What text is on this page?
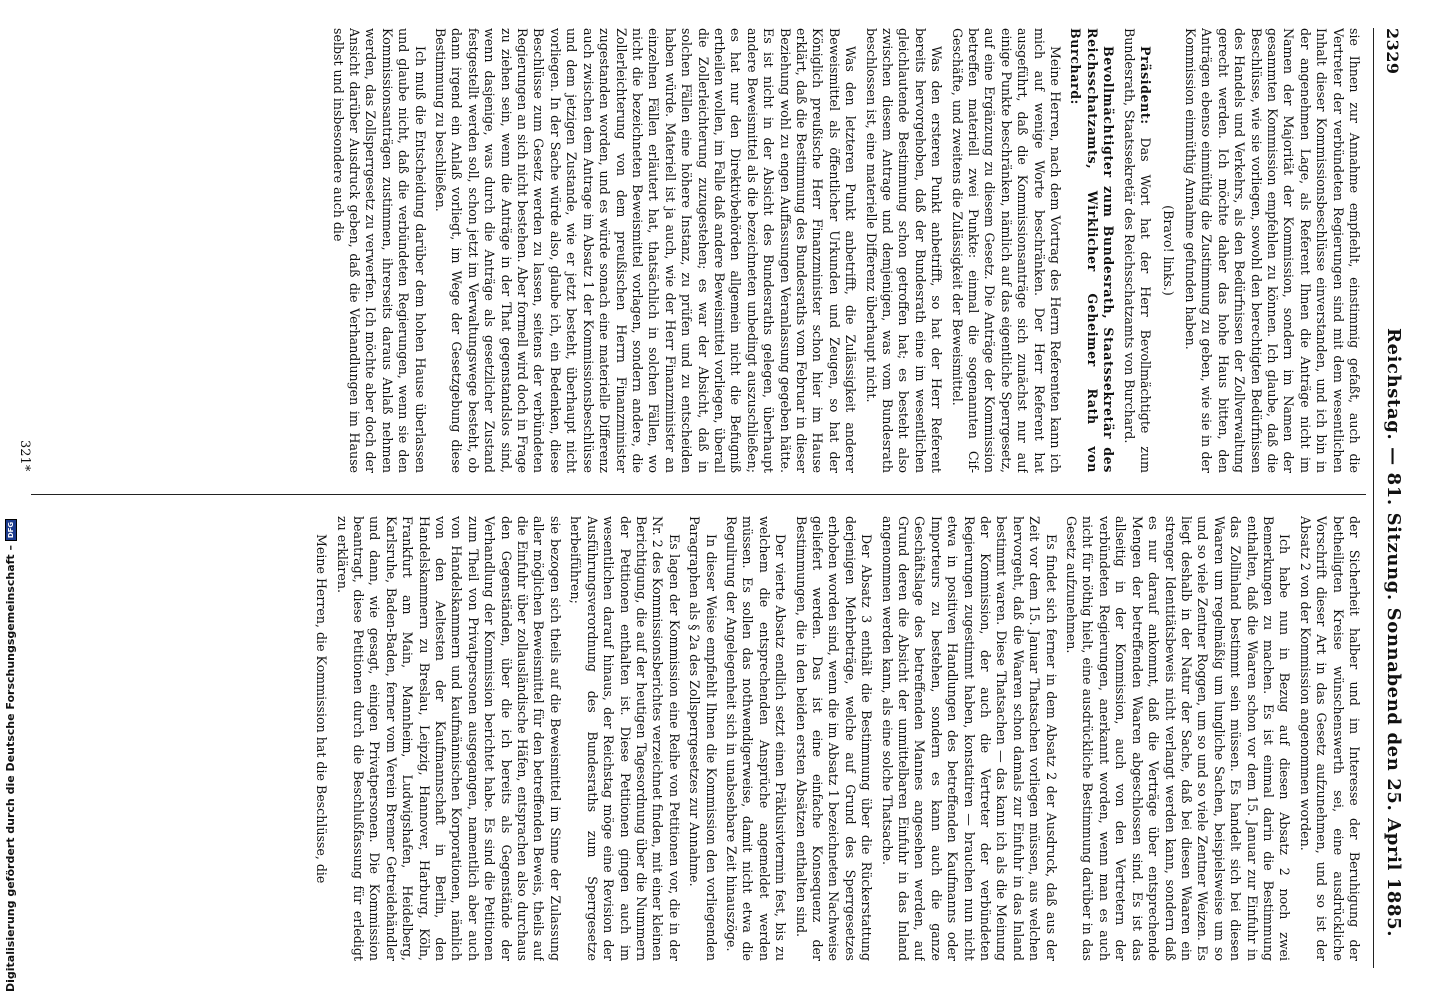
Reichstag. — 81. Sitzung. Sonnabend den 25. April 1885.
2329

sie Ihnen zur Annahme empfiehlt, einstimmig gefaßt, auch die Vertreter der verbündeten Regierungen sind mit dem wesentlichen Inhalt dieser Kommissionsbeschlüsse einverstanden, und ich bin in der angenehmen Lage, als Referent Ihnen die Anträge nicht im Namen der Majorität der Kommission, sondern im Namen der gesammten Kommission empfehlen zu können. Ich glaube, daß die Beschlüsse, wie sie vorliegen, sowohl den berechtigten Bedürfnissen des Handels und Verkehrs, als den Bedürfnissen der Zollverwaltung gerecht werden. Ich möchte daher das hohe Haus bitten, den Anträgen ebenso einmüthig die Zustimmung zu geben, wie sie in der Kommission einmüthig Annahme gefunden haben.

(Bravo! links.)

Präsident: Das Wort hat der Herr Bevollmächtigte zum Bundesrath, Staatssekretär des Reichsschatzamts von Burchard.

Bevollmächtigter zum Bundesrath, Staatssekretär des Reichsschatzamts, Wirklicher Geheimer Rath von Burchard:

Meine Herren, nach dem Vortrag des Herrn Referenten kann ich mich auf wenige Worte beschränken. Der Herr Referent hat ausgeführt, daß die Kommissionsanträge sich zunächst nur auf einige Punkte beschränken, nämlich auf das eigentliche Sperrgesetz, auf eine Ergänzung zu diesem Gesetz. Die Anträge der Kommission betreffen materiell zwei Punkte: einmal die sogenannten Cif-Geschäfte, und zweitens die Zulässigkeit der Beweismittel.

Was den ersteren Punkt anbetrifft, so hat der Herr Referent bereits hervorgehoben, daß der Bundesrath eine im wesentlichen gleichlautende Bestimmung schon getroffen hat; es besteht also zwischen diesem Antrage und demjenigen, was vom Bundesrath beschlossen ist, eine materielle Differenz überhaupt nicht.

Was den letzteren Punkt anbetrifft, die Zulässigkeit anderer Beweismittel als öffentlicher Urkunden und Zeugen, so hat der Königlich preußische Herr Finanzminister schon hier im Hause erklärt, daß die Bestimmung des Bundesraths vom Februar in dieser Beziehung wohl zu engen Auffassungen Veranlassung gegeben hätte. Es ist nicht in der Absicht des Bundesraths gelegen, überhaupt andere Beweismittel als die bezeichneten unbedingt auszuschließen; es hat nur den Direktivbehörden allgemein nicht die Befugniß ertheilen wollen, im Falle daß andere Beweismittel vorliegen, überall die Zollerleichterung zuzugestehen; es war der Absicht, daß in solchen Fällen eine höhere Instanz, zu prüfen und zu entscheiden haben würde. Materiell ist ja auch, wie der Herr Finanzminister an einzelnen Fällen erläutert hat, thatsächlich in solchen Fällen, wo nicht die bezeichneten Beweismittel vorlagen, sondern andere, die Zollerleichterung von dem preußischen Herrn Finanzminister zugestanden worden, und es würde sonach eine materielle Differenz auch zwischen dem Antrage im Absatz 1 der Kommissionsbeschlüsse und dem jetzigen Zustande, wie er jetzt besteht, überhaupt nicht vorliegen. In der Sache würde also, glaube ich, ein Bedenken, diese Beschlüsse zum Gesetz werden zu lassen, seitens der verbündeten Regierungen an sich nicht bestehen. Aber formell wird doch in Frage zu ziehen sein, wenn die Anträge in der That gegenstandslos sind, wenn dasjenige, was durch die Anträge als gesetzlicher Zustand festgestellt werden soll, schon jetzt im Verwaltungswege besteht, ob dann irgend ein Anlaß vorliegt, im Wege der Gesetzgebung diese Bestimmung zu beschließen.

Ich muß die Entscheidung darüber dem hohen Hause überlassen und glaube nicht, daß die verbündeten Regierungen, wenn sie den Kommissionsanträgen zustimmen, ihrerseits daraus Anlaß nehmen werden, das Zollsperrgesetz zu verwerfen. Ich möchte aber doch der Ansicht darüber Ausdruck geben, daß die Verhandlungen im Hause selbst und insbesondere auch die

der Sicherheit halber und im Interesse der Beruhigung der betheiligten Kreise wünschenswerth sei, eine ausdrückliche Vorschrift dieser Art in das Gesetz aufzunehmen, und so ist der Absatz 2 von der Kommission angenommen worden.

Ich habe nun in Bezug auf diesen Absatz 2 noch zwei Bemerkungen zu machen. Es ist einmal darin die Bestimmung enthalten, daß die Waaren schon vor dem 15. Januar zur Einfuhr in das Zollinland bestimmt sein müssen. Es handelt sich bei diesen Waaren um regelmäßig um lungliche Sachen, beispielsweise um so und so viele Zentner Roggen, um so und so viele Zentner Weizen. Es liegt deshalb in der Natur der Sache, daß bei diesen Waaren ein strenger Identitätsbeweis nicht verlangt werden kann, sondern daß es nur darauf ankommt, daß die Verträge über entsprechende Mengen der betreffenden Waaren abgeschlossen sind. Es ist das allseitig in der Kommission, auch von den Vertretern der verbündeten Regierungen, anerkannt worden, wenn man es auch nicht für nöthig hielt, eine ausdrückliche Bestimmung darüber in das Gesetz aufzunehmen.

Es findet sich ferner in dem Absatz 2 der Ausdruck, daß aus der Zeit vor dem 15. Januar Thatsachen vorliegen müssen, aus welchen hervorgeht, daß die Waaren schon damals zur Einfuhr in das Inland bestimmt waren. Diese Thatsachen — das kann ich als die Meinung der Kommission, der auch die Vertreter der verbündeten Regierungen zugestimmt haben, konstatiren — brauchen nun nicht etwa in positiven Handlungen des betreffenden Kaufmanns oder Importeurs zu bestehen, sondern es kann auch die ganze Geschäftslage des betreffenden Mannes angesehen werden, auf Grund deren die Absicht der unmittelbaren Einfuhr in das Inland angenommen werden kann, als eine solche Thatsache.

Der Absatz 3 enthält die Bestimmung über die Rückerstattung derjenigen Mehrbeträge, welche auf Grund des Sperrgesetzes erhoben worden sind, wenn die im Absatz 1 bezeichneten Nachweise geliefert werden. Das ist eine einfache Konsequenz der Bestimmungen, die in den beiden ersten Absätzen enthalten sind.

Der vierte Absatz endlich setzt einen Präklusivtermin fest, bis zu welchem die entsprechenden Ansprüche angemeldet werden müssen. Es sollen das nothwendigerweise, damit nicht etwa die Regulirung der Angelegenheit sich in unabsehbare Zeit hinauszöge.

In dieser Weise empfiehlt Ihnen die Kommission den vorliegenden Paragraphen als § 2a des Zollsperrgesetzes zur Annahme.

Es lagen der Kommission eine Reihe von Petitionen vor, die in der Nr. 2 des Kommissionsberichtes verzeichnet finden, mit einer kleinen Berichtigung, die auf der heutigen Tagesordnung über die Nummern der Petitionen enthalten ist. Diese Petitionen gingen auch im wesentlichen darauf hinaus, der Reichstag möge eine Revision der Ausführungsverordnung des Bundesraths zum Sperrgesetze herbeiführen;

sie bezogen sich theils auf die Beweismittel im Sinne der Zulassung aller möglichen Beweismittel für den betreffenden Beweis, theils auf die Einfuhr über zollausländische Häfen, entsprachen also durchaus den Gegenständen, über die ich bereits als Gegenstände der Verhandlung der Kommission berichtet habe. Es sind die Petitionen zum Theil von Privatpersonen ausgegangen, namentlich aber auch von Handelskammern und kaufmännischen Korporationen, nämlich von den Aeltesten der Kaufmannschaft in Berlin, den Handelskammern zu Breslau, Leipzig, Hannover, Harburg, Köln, Frankfurt am Main, Mannheim, Ludwigshafen, Heidelberg, Karlsruhe, Baden-Baden, ferner vom Verein Bremer Getreidehändler und dann, wie gesagt, einigen Privatpersonen. Die Kommission beantragt, diese Petitionen durch die Beschlußfassung für erledigt zu erklären.

Meine Herren, die Kommission hat die Beschlüsse, die

321*
Digitalisierung gefördert durch die Deutsche Forschungsgemeinschaft –
DFG
